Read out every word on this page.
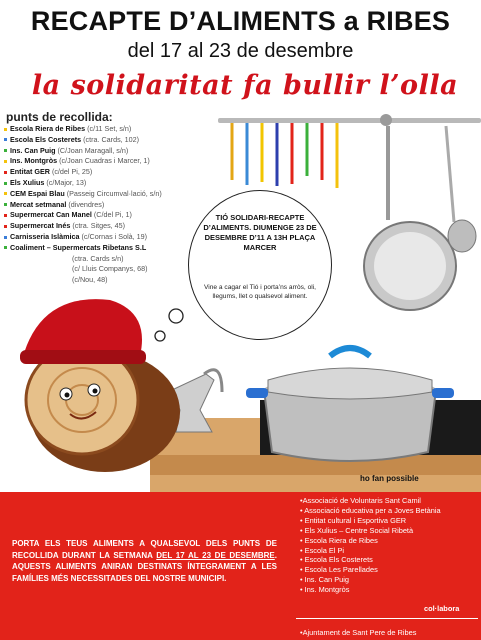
RECAPTE D’ALIMENTS a RIBES
del 17 al 23 de desembre
la solidaritat fa bullir l’olla
punts de recollida:
Escola Riera de Ribes (c/11 Set, s/n)
Escola Els Costerets (ctra. Cards, 102)
Ins. Can Puig (C/Joan Maragall, s/n)
Ins. Montgròs (c/Joan Cuadras i Marcer, 1)
Entitat GER (c/del Pi, 25)
Els Xulius (c/Major, 13)
CEM Espai Blau (Passeig Circumval·lació, s/n)
Mercat setmanal (divendres)
Supermercat Can Manel (C/del Pi, 1)
Supermercat Inés (ctra. Sitges, 45)
Carnisseria Islàmica (c/Cornas i Solà, 19)
Coaliment – Supermercats Ribetans S.L
(ctra. Cards s/n)
(c/ Lluis Companys, 68)
(c/Nou, 48)
TIÓ SOLIDARI-RECAPTE D’ALIMENTS. DIUMENGE 23 DE DESEMBRE D’11 A 13H PLAÇA MARCER
Vine a cagar el Tió i porta’ns arròs, oli, llegums, llet o qualsevol aliment.
ho fan possible
PORTA ELS TEUS ALIMENTS A QUALSEVOL DELS PUNTS DE RECOLLIDA DURANT LA SETMANA DEL 17 AL 23 DE DESEMBRE. AQUESTS ALIMENTS ANIRAN DESTINATS ÍNTEGRAMENT A LES FAMÍLIES MÉS NECESSITADES DEL NOSTRE MUNICIPI.
•Associació de Voluntaris Sant Camil
• Associació educativa per a Joves Betània
• Entitat cultural i Esportiva GER
• Els Xulius – Centre Social Ribetà
• Escola Riera de Ribes
• Escola El Pi
• Escola Els Costerets
• Escola Les Parellades
• Ins. Can Puig
• Ins. Montgròs
col·labora
•Ajuntament de Sant Pere de Ribes
